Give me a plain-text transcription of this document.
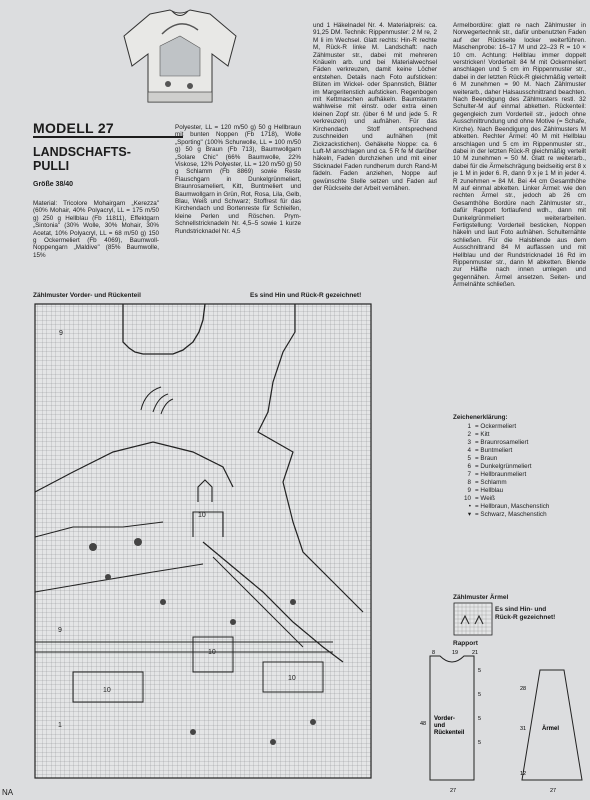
MODELL 27
LANDSCHAFTS-
PULLI
Größe 38/40
Material: Tricolore Mohairgarn „Kerezza" (60% Mohair, 40% Polyacryl, LL = 175 m/50 g) 250 g Hellblau (Fb 11811), Effektgarn „Sintonia" (30% Wolle, 30% Mohair, 30% Acetat, 10% Polyacryl, LL = 68 m/50 g) 150 g Ockermeliert (Fb 4069), Baumwoll-Noppengarn „Maldive" (85% Baumwolle, 15%
Polyester, LL = 120 m/50 g) 50 g Hellbraun mit bunten Noppen (Fb 1718), Wolle „Sporting" (100% Schurwolle, LL = 100 m/50 g) 50 g Braun (Fb 713), Baumwollgarn „Solare Chic" (66% Baumwolle, 22% Viskose, 12% Polyester, LL = 120 m/50 g) 50 g Schlamm (Fb 8869) sowie Reste Flauschgarn in Dunkelgrünmeliert, Braunrosameliert, Kitt, Buntmeliert und Baumwollgarn in Grün, Rot, Rosa, Lila, Gelb, Blau, Weiß und Schwarz; Stoffrest für das Kirchendach und Bortenreste für Schleifen, kleine Perlen und Röschen. Prym-Schnellstricknadeln Nr. 4,5–5 sowie 1 kurze Rundstricknadel Nr. 4,5
und 1 Häkelnadel Nr. 4. Materialpreis: ca. 91,25 DM. Technik: Rippenmuster: 2 M re, 2 M li im Wechsel. Glatt rechts: Hin-R rechte M, Rück-R linke M. Landschaft: nach Zählmuster str., dabei mit mehreren Knäueln arb. und bei Materialwechsel Fäden verkreuzen, damit keine Löcher entstehen. Details nach Foto aufsticken: Blüten im Wickel- oder Spannstich, Blätter im Margeritenstich aufsticken. Regenbogen mit Kettmaschen aufhäkeln. Baumstamm wahlweise mit einstr. oder extra einen kleinen Zopf str. (über 6 M und jede 5. R verkreuzen) und aufnähen. Für das Kirchendach Stoff entsprechend zuschneiden und aufnähen (mit Zickzackstichen). Gehäkelte Noppe: ca. 6 Luft-M anschlagen und ca. 5 R fe M darüber häkeln, Faden durchziehen und mit einer Sticknadel Faden rundherum durch Rand-M fädeln. Faden anziehen, Noppe auf gewünschte Stelle setzen und Faden auf der Rückseite der Arbeit vernähen.
Ärmelbordüre: glatt re nach Zählmuster in Norwegertechnik str., dafür unbenutzten Faden auf der Rückseite locker weiterführen. Maschenprobe: 16–17 M und 22–23 R = 10 × 10 cm. Achtung: Hellblau immer doppelt verstricken! Vorderteil: 84 M mit Ockermeliert anschlagen und 5 cm im Rippenmuster str., dabei in der letzten Rück-R gleichmäßig verteilt 6 M zunehmen = 90 M. Nach Zählmuster weiterarb., daher Halsausschnittrand beachten. Nach Beendigung des Zählmusters restl. 32 Schulter-M auf einmal abketten. Rückenteil: gegengleich zum Vorderteil str., jedoch ohne Ausschnittrundung und ohne Motive (= Schafe, Kirche). Nach Beendigung des Zählmusters M abketten. Rechter Ärmel: 40 M mit Hellblau anschlagen und 5 cm im Rippenmuster str., dabei in der letzten Rück-R gleichmäßig verteilt 10 M zunehmen = 50 M. Glatt re weiterarb., dabei für die Ärmelschrägung beidseitig erst 8 x je 1 M in jeder 6. R, dann 9 x je 1 M in jeder 4. R zunehmen = 84 M. Bei 44 cm Gesamthöhe M auf einmal abketten. Linker Ärmel: wie den rechten Ärmel str., jedoch ab 26 cm Gesamthöhe Bordüre nach Zählmuster str., dafür Rapport fortlaufend wdh., dann mit Dunkelgrünmeliert weiterarbeiten. Fertigstellung: Vorderteil besticken, Noppen häkeln und laut Foto aufnähen. Schulternähte schließen. Für die Halsblende aus dem Ausschnittrand 84 M auffassen und mit Hellblau und der Rundstricknadel 16 Rd im Rippenmuster str., dann M abketten. Blende zur Hälfte nach innen umlegen und gegennähen. Ärmel ansetzen. Seiten- und Ärmelnähte schließen.
Zählmuster Vorder- und Rückenteil	Es sind Hin und Rück-R gezeichnet!
9
10
9
10
10
10
1
Zeichenerklärung:
1 = Ockermeliert
2 = Kitt
3 = Braunrosameliert
4 = Buntmeliert
5 = Braun
6 = Dunkelgrünmeliert
7 = Hellbraunmeliert
8 = Schlamm
9 = Hellblau
10 = Weiß
• = Hellbraun, Maschenstich
▾ = Schwarz, Maschenstich
Zählmuster Ärmel
Es sind Hin- und Rück-R gezeichnet!
Rapport
Vorder-
und
Rückenteil
Ärmel
8	19	21
5
5
5
5
27
48
27
12
31
28
NA
